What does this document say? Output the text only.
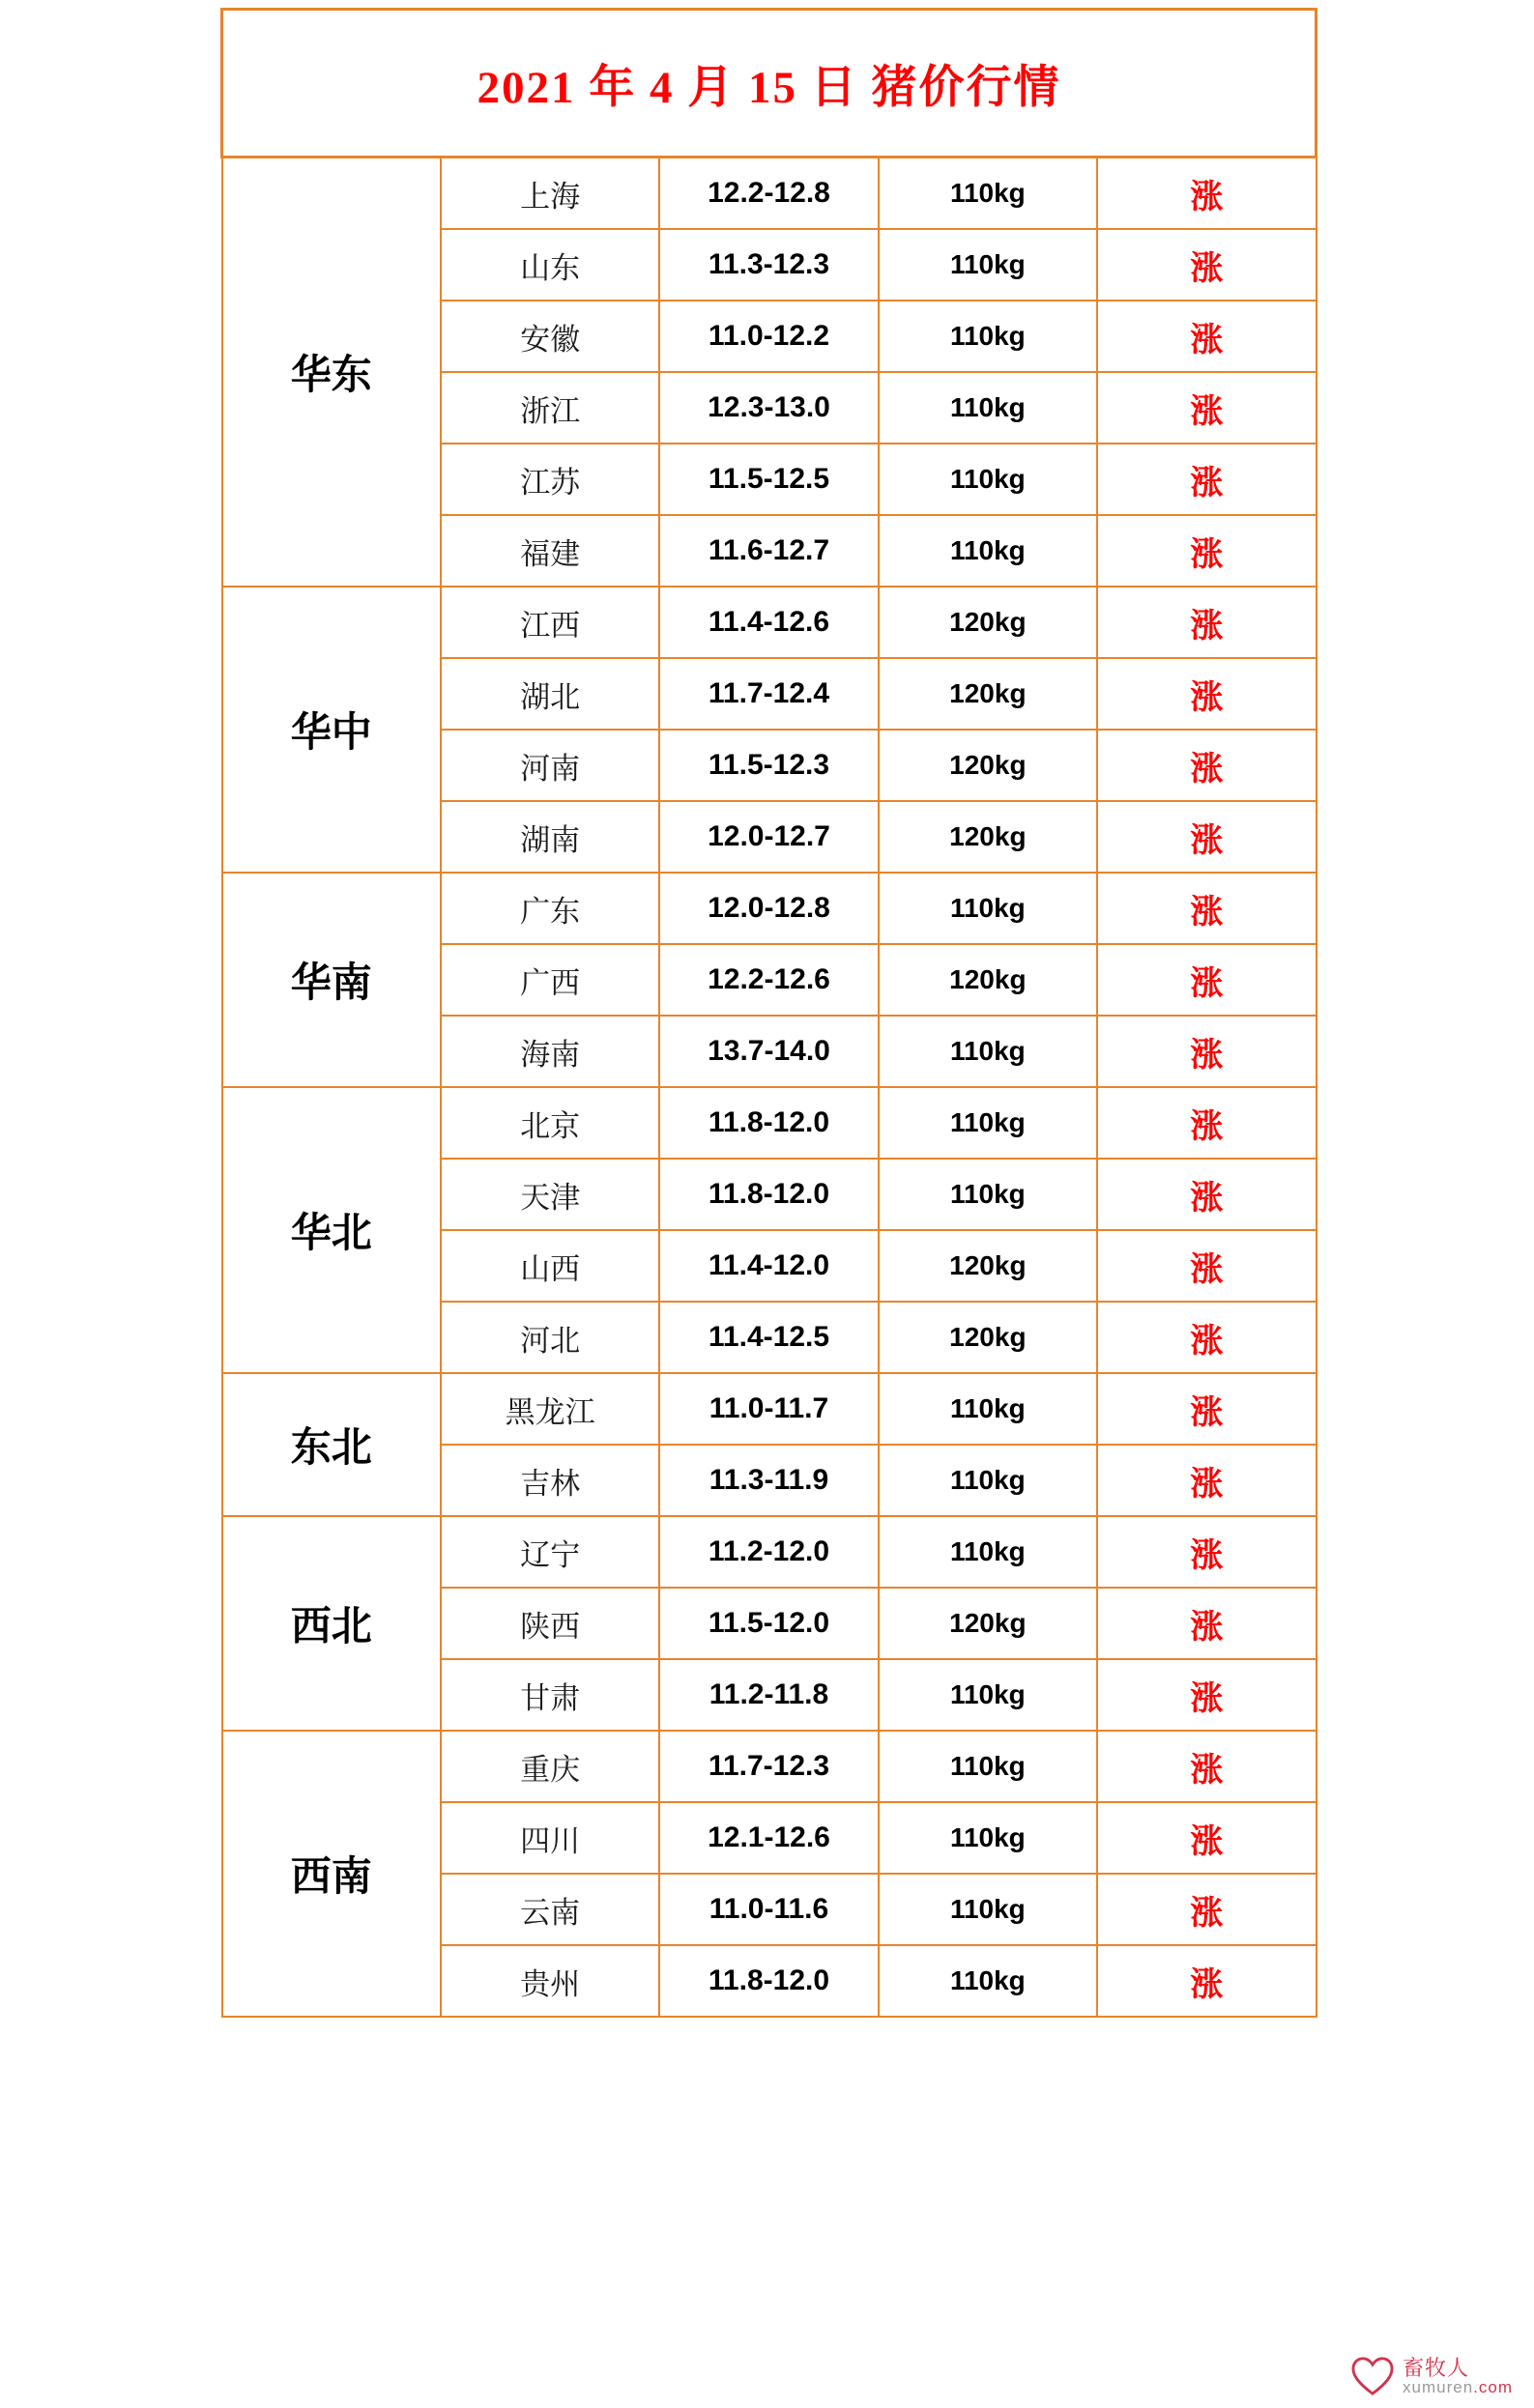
2021 年 4 月 15 日 猪价行情				
华东	上海	12.2-12.8	110kg	涨
	山东	11.3-12.3	110kg	涨
	安徽	11.0-12.2	110kg	涨
	浙江	12.3-13.0	110kg	涨
	江苏	11.5-12.5	110kg	涨
	福建	11.6-12.7	110kg	涨
华中	江西	11.4-12.6	120kg	涨
	湖北	11.7-12.4	120kg	涨
	河南	11.5-12.3	120kg	涨
	湖南	12.0-12.7	120kg	涨
华南	广东	12.0-12.8	110kg	涨
	广西	12.2-12.6	120kg	涨
	海南	13.7-14.0	110kg	涨
华北	北京	11.8-12.0	110kg	涨
	天津	11.8-12.0	110kg	涨
	山西	11.4-12.0	120kg	涨
	河北	11.4-12.5	120kg	涨
东北	黑龙江	11.0-11.7	110kg	涨
	吉林	11.3-11.9	110kg	涨
西北	辽宁	11.2-12.0	110kg	涨
	陕西	11.5-12.0	120kg	涨
	甘肃	11.2-11.8	110kg	涨
西南	重庆	11.7-12.3	110kg	涨
	四川	12.1-12.6	110kg	涨
	云南	11.0-11.6	110kg	涨
	贵州	11.8-12.0	110kg	涨
畜牧人
xumuren.com
